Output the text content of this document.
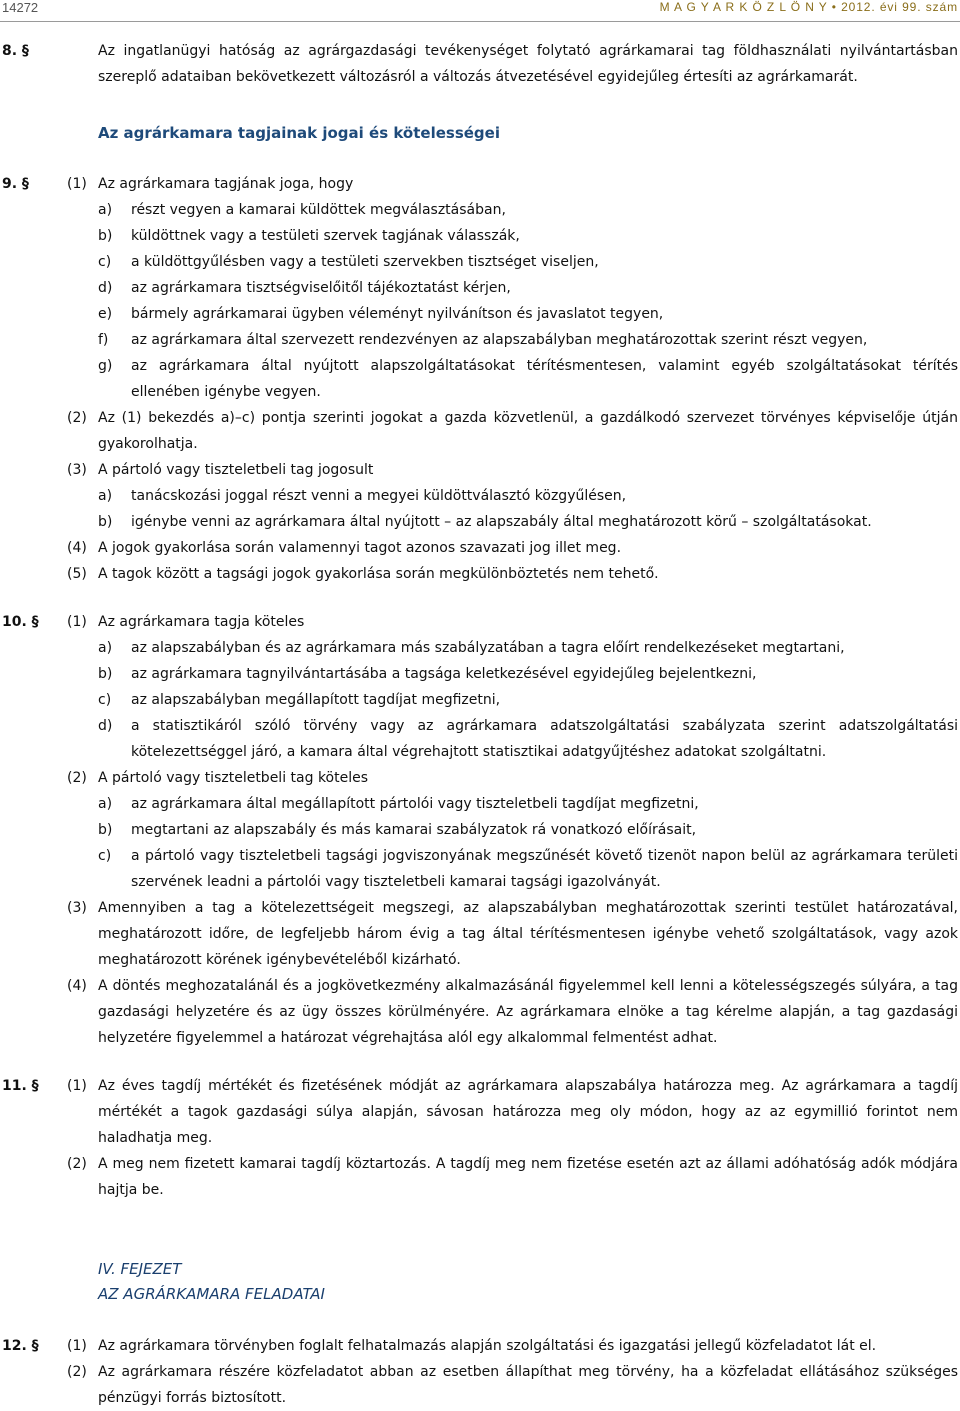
14272	M A G Y A R K Ö Z L Ö N Y • 2012. évi 99. szám
8. §	Az ingatlanügyi hatóság az agrárgazdasági tevékenységet folytató agrárkamarai tag földhasználati nyilvántartásban szereplő adataiban bekövetkezett változásról a változás átvezetésével egyidejűleg értesíti az agrárkamarát.
Az agrárkamara tagjainak jogai és kötelességei
9. §	(1) Az agrárkamara tagjának joga, hogy
a) részt vegyen a kamarai küldöttek megválasztásában,
b) küldöttnek vagy a testületi szervek tagjának válasszák,
c) a küldöttgyűlésben vagy a testületi szervekben tisztséget viseljen,
d) az agrárkamara tisztségviselőitől tájékoztatást kérjen,
e) bármely agrárkamarai ügyben véleményt nyilvánítson és javaslatot tegyen,
f) az agrárkamara által szervezett rendezvényen az alapszabályban meghatározottak szerint részt vegyen,
g) az agrárkamara által nyújtott alapszolgáltatásokat térítésmentesen, valamint egyéb szolgáltatásokat térítés ellenében igénybe vegyen.
(2) Az (1) bekezdés a)–c) pontja szerinti jogokat a gazda közvetlenül, a gazdálkodó szervezet törvényes képviselője útján gyakorolhatja.
(3) A pártoló vagy tiszteletbeli tag jogosult
a) tanácskozási joggal részt venni a megyei küldöttválasztó közgyűlésen,
b) igénybe venni az agrárkamara által nyújtott – az alapszabály által meghatározott körű – szolgáltatásokat.
(4) A jogok gyakorlása során valamennyi tagot azonos szavazati jog illet meg.
(5) A tagok között a tagsági jogok gyakorlása során megkülönböztetés nem tehető.
10. § (1) Az agrárkamara tagja köteles
a) az alapszabályban és az agrárkamara más szabályzatában a tagra előírt rendelkezéseket megtartani,
b) az agrárkamara tagnyilvántartásába a tagsága keletkezésével egyidejűleg bejelentkezni,
c) az alapszabályban megállapított tagdíjat megfizetni,
d) a statisztikáról szóló törvény vagy az agrárkamara adatszolgáltatási szabályzata szerint adatszolgáltatási kötelezettséggel járó, a kamara által végrehajtott statisztikai adatgyűjtéshez adatokat szolgáltatni.
(2) A pártoló vagy tiszteletbeli tag köteles
a) az agrárkamara által megállapított pártolói vagy tiszteletbeli tagdíjat megfizetni,
b) megtartani az alapszabály és más kamarai szabályzatok rá vonatkozó előírásait,
c) a pártoló vagy tiszteletbeli tagsági jogviszonyának megszűnését követő tizenöt napon belül az agrárkamara területi szervének leadni a pártolói vagy tiszteletbeli kamarai tagsági igazolványát.
(3) Amennyiben a tag a kötelezettségeit megszegi, az alapszabályban meghatározottak szerinti testület határozatával, meghatározott időre, de legfeljebb három évig a tag által térítésmentesen igénybe vehető szolgáltatások, vagy azok meghatározott körének igénybevételéből kizárható.
(4) A döntés meghozatalánál és a jogkövetkezmény alkalmazásánál figyelemmel kell lenni a kötelességszegés súlyára, a tag gazdasági helyzetére és az ügy összes körülményére. Az agrárkamara elnöke a tag kérelme alapján, a tag gazdasági helyzetére figyelemmel a határozat végrehajtása alól egy alkalommal felmentést adhat.
11. § (1) Az éves tagdíj mértékét és fizetésének módját az agrárkamara alapszabálya határozza meg. Az agrárkamara a tagdíj mértékét a tagok gazdasági súlya alapján, sávosan határozza meg oly módon, hogy az az egymillió forintot nem haladhatja meg.
(2) A meg nem fizetett kamarai tagdíj köztartozás. A tagdíj meg nem fizetése esetén azt az állami adóhatóság adók módjára hajtja be.
IV. FEJEZET
AZ AGRÁRKAMARA FELADATAI
12. § (1) Az agrárkamara törvényben foglalt felhatalmazás alapján szolgáltatási és igazgatási jellegű közfeladatot lát el.
(2) Az agrárkamara részére közfeladatot abban az esetben állapíthat meg törvény, ha a közfeladat ellátásához szükséges pénzügyi forrás biztosított.
